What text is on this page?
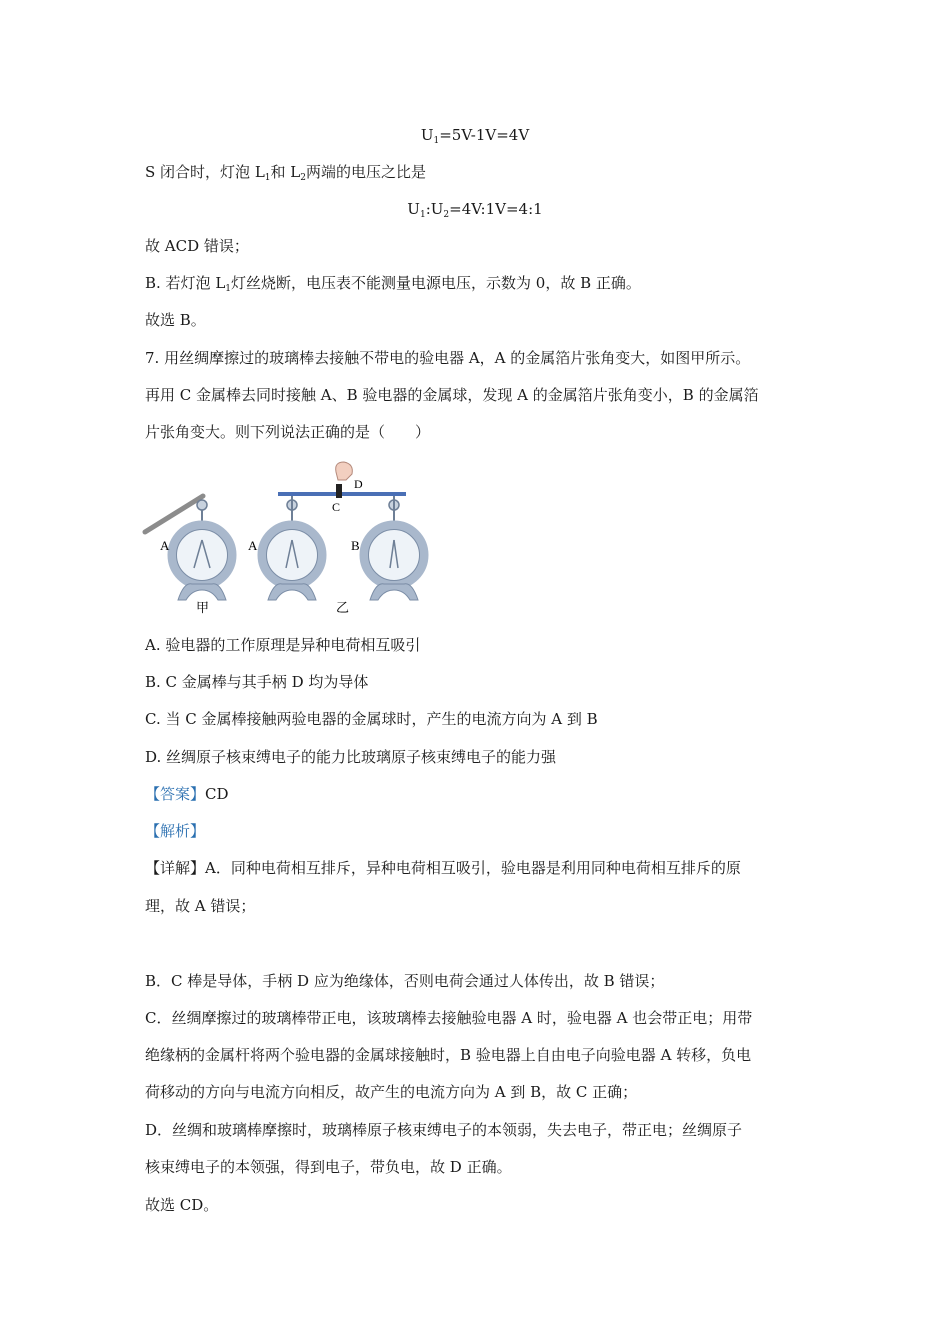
$U_1=5V-1V=4V$
S 闭合时，灯泡 $L_1$和 $L_2$两端的电压之比是
$U_1:U_2=4V:1V=4:1$
故 ACD 错误；
B. 若灯泡 $L_1$灯丝烧断，电压表不能测量电源电压，示数为 0，故 B 正确。
故选 B。
7. 用丝绸摩擦过的玻璃棒去接触不带电的验电器 A，A 的金属箔片张角变大，如图甲所示。
再用 C 金属棒去同时接触 A、B 验电器的金属球，发现 A 的金属箔片张角变小，B 的金属箔
片张角变大。则下列说法正确的是（　　）
A
甲
D
C
A	B
乙
A. 验电器的工作原理是异种电荷相互吸引
B. C 金属棒与其手柄 D 均为导体
C. 当 C 金属棒接触两验电器的金属球时，产生的电流方向为 A 到 B
D. 丝绸原子核束缚电子的能力比玻璃原子核束缚电子的能力强
【答案】CD
【解析】
【详解】A．同种电荷相互排斥，异种电荷相互吸引，验电器是利用同种电荷相互排斥的原
理，故 A 错误；
B．C 棒是导体，手柄 D 应为绝缘体，否则电荷会通过人体传出，故 B 错误；
C．丝绸摩擦过的玻璃棒带正电，该玻璃棒去接触验电器 A 时，验电器 A 也会带正电；用带
绝缘柄的金属杆将两个验电器的金属球接触时，B 验电器上自由电子向验电器 A 转移，负电
荷移动的方向与电流方向相反，故产生的电流方向为 A 到 B，故 C 正确；
D．丝绸和玻璃棒摩擦时，玻璃棒原子核束缚电子的本领弱，失去电子，带正电；丝绸原子
核束缚电子的本领强，得到电子，带负电，故 D 正确。
故选 CD。
